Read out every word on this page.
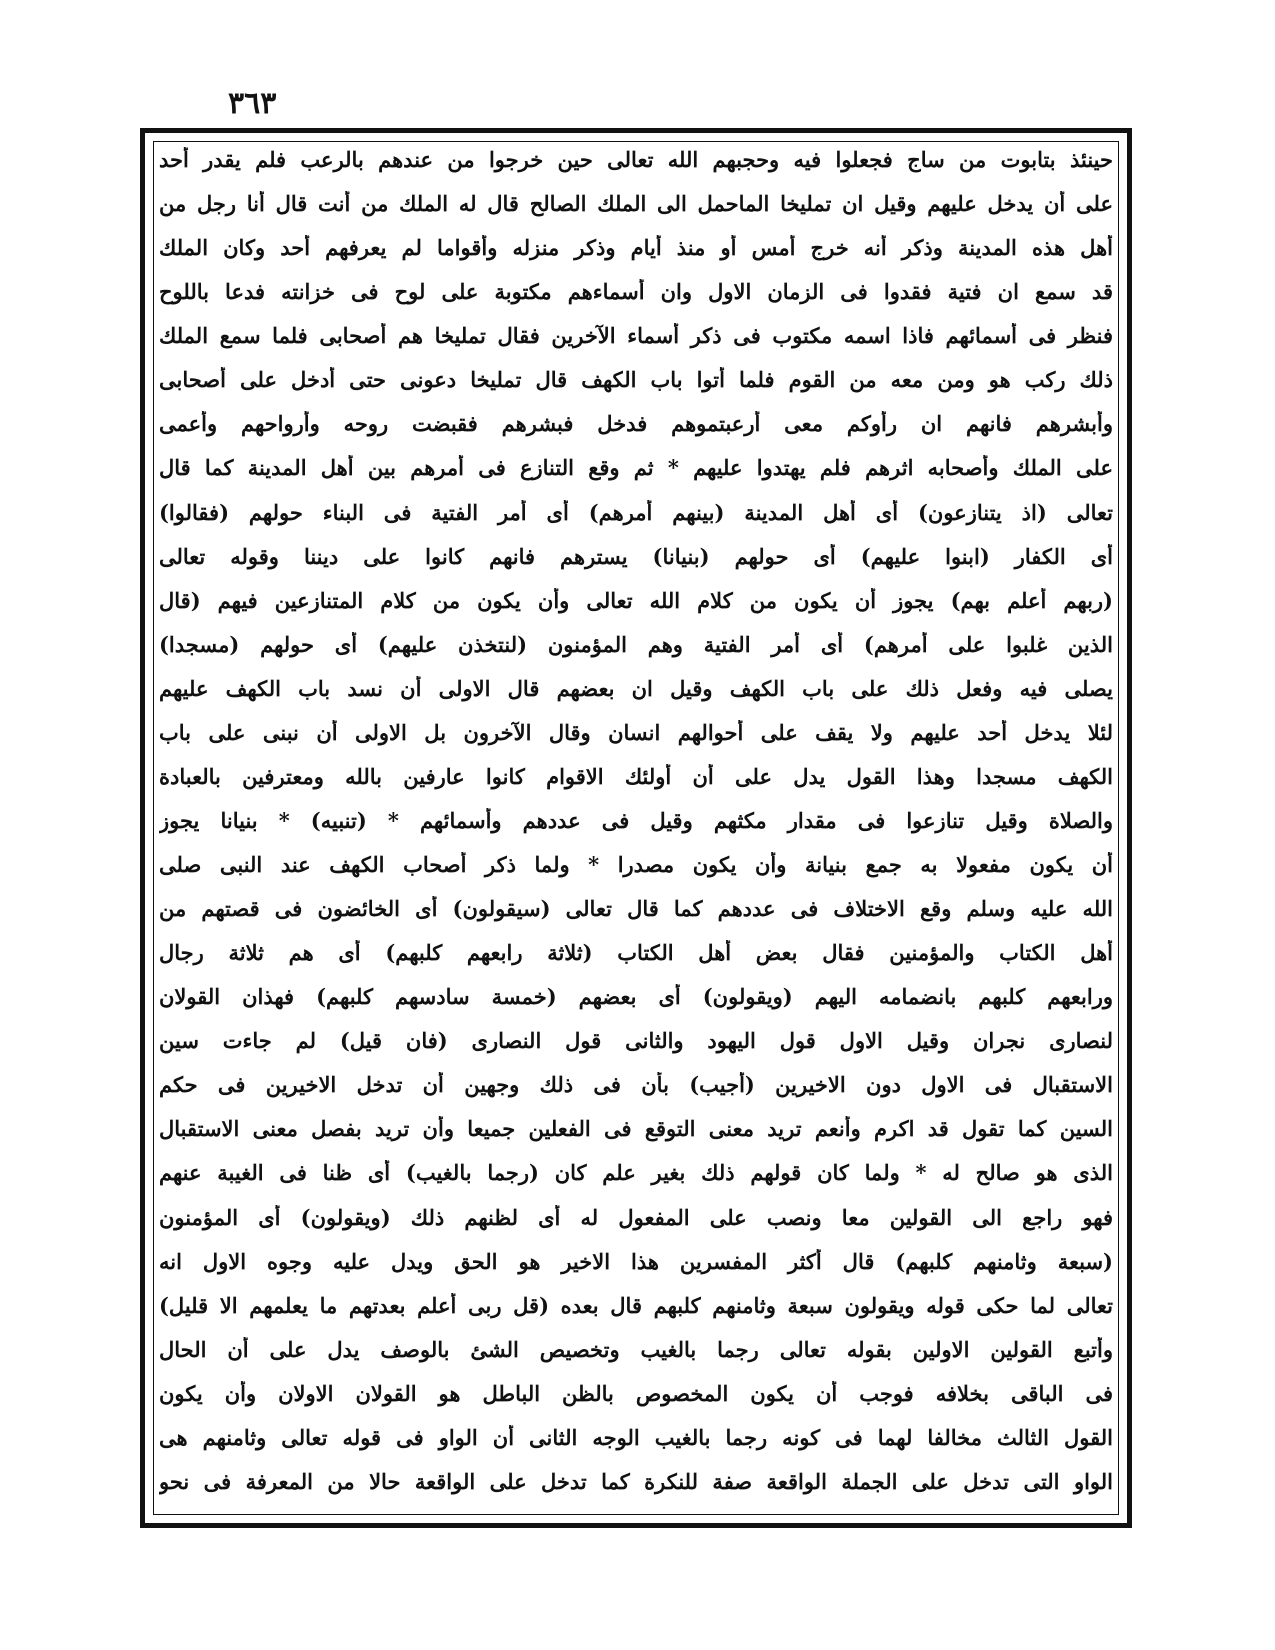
٣٦٣
حينئذ بتابوت من ساج فجعلوا فيه وحجبهم الله تعالى حين خرجوا من عندهم بالرعب فلم يقدر أحد
على أن يدخل عليهم وقيل ان تمليخا الماحمل الى الملك الصالح قال له الملك من أنت قال أنا رجل من
أهل هذه المدينة وذكر أنه خرج أمس أو منذ أيام وذكر منزله وأقواما لم يعرفهم أحد وكان الملك
قد سمع ان فتية فقدوا فى الزمان الاول وان أسماءهم مكتوبة على لوح فى خزانته فدعا باللوح
فنظر فى أسمائهم فاذا اسمه مكتوب فى ذكر أسماء الآخرين فقال تمليخا هم أصحابى فلما سمع الملك
ذلك ركب هو ومن معه من القوم فلما أتوا باب الكهف قال تمليخا دعونى حتى أدخل على أصحابى
وأبشرهم فانهم ان رأوكم معى أرعبتموهم فدخل فبشرهم فقبضت روحه وأرواحهم وأعمى
على الملك وأصحابه اثرهم فلم يهتدوا عليهم * ثم وقع التنازع فى أمرهم بين أهل المدينة كما قال
تعالى (اذ يتنازعون) أى أهل المدينة (بينهم أمرهم) أى أمر الفتية فى البناء حولهم (فقالوا)
أى الكفار (ابنوا عليهم) أى حولهم (بنيانا) يسترهم فانهم كانوا على ديننا وقوله تعالى
(ربهم أعلم بهم) يجوز أن يكون من كلام الله تعالى وأن يكون من كلام المتنازعين فيهم (قال
الذين غلبوا على أمرهم) أى أمر الفتية وهم المؤمنون (لنتخذن عليهم) أى حولهم (مسجدا)
يصلى فيه وفعل ذلك على باب الكهف وقيل ان بعضهم قال الاولى أن نسد باب الكهف عليهم
لئلا يدخل أحد عليهم ولا يقف على أحوالهم انسان وقال الآخرون بل الاولى أن نبنى على باب
الكهف مسجدا وهذا القول يدل على أن أولئك الاقوام كانوا عارفين بالله ومعترفين بالعبادة
والصلاة وقيل تنازعوا فى مقدار مكثهم وقيل فى عددهم وأسمائهم * (تنبيه) * بنيانا يجوز
أن يكون مفعولا به جمع بنيانة وأن يكون مصدرا * ولما ذكر أصحاب الكهف عند النبى صلى
الله عليه وسلم وقع الاختلاف فى عددهم كما قال تعالى (سيقولون) أى الخائضون فى قصتهم من
أهل الكتاب والمؤمنين فقال بعض أهل الكتاب (ثلاثة رابعهم كلبهم) أى هم ثلاثة رجال
ورابعهم كلبهم بانضمامه اليهم (ويقولون) أى بعضهم (خمسة سادسهم كلبهم) فهذان القولان
لنصارى نجران وقيل الاول قول اليهود والثانى قول النصارى (فان قيل) لم جاءت سين
الاستقبال فى الاول دون الاخيرين (أجيب) بأن فى ذلك وجهين أن تدخل الاخيرين فى حكم
السين كما تقول قد اكرم وأنعم تريد معنى التوقع فى الفعلين جميعا وأن تريد بفصل معنى الاستقبال
الذى هو صالح له * ولما كان قولهم ذلك بغير علم كان (رجما بالغيب) أى ظنا فى الغيبة عنهم
فهو راجع الى القولين معا ونصب على المفعول له أى لظنهم ذلك (ويقولون) أى المؤمنون
(سبعة وثامنهم كلبهم) قال أكثر المفسرين هذا الاخير هو الحق ويدل عليه وجوه الاول انه
تعالى لما حكى قوله ويقولون سبعة وثامنهم كلبهم قال بعده (قل ربى أعلم بعدتهم ما يعلمهم الا قليل)
وأتبع القولين الاولين بقوله تعالى رجما بالغيب وتخصيص الشئ بالوصف يدل على أن الحال
فى الباقى بخلافه فوجب أن يكون المخصوص بالظن الباطل هو القولان الاولان وأن يكون
القول الثالث مخالفا لهما فى كونه رجما بالغيب الوجه الثانى أن الواو فى قوله تعالى وثامنهم هى
الواو التى تدخل على الجملة الواقعة صفة للنكرة كما تدخل على الواقعة حالا من المعرفة فى نحو
